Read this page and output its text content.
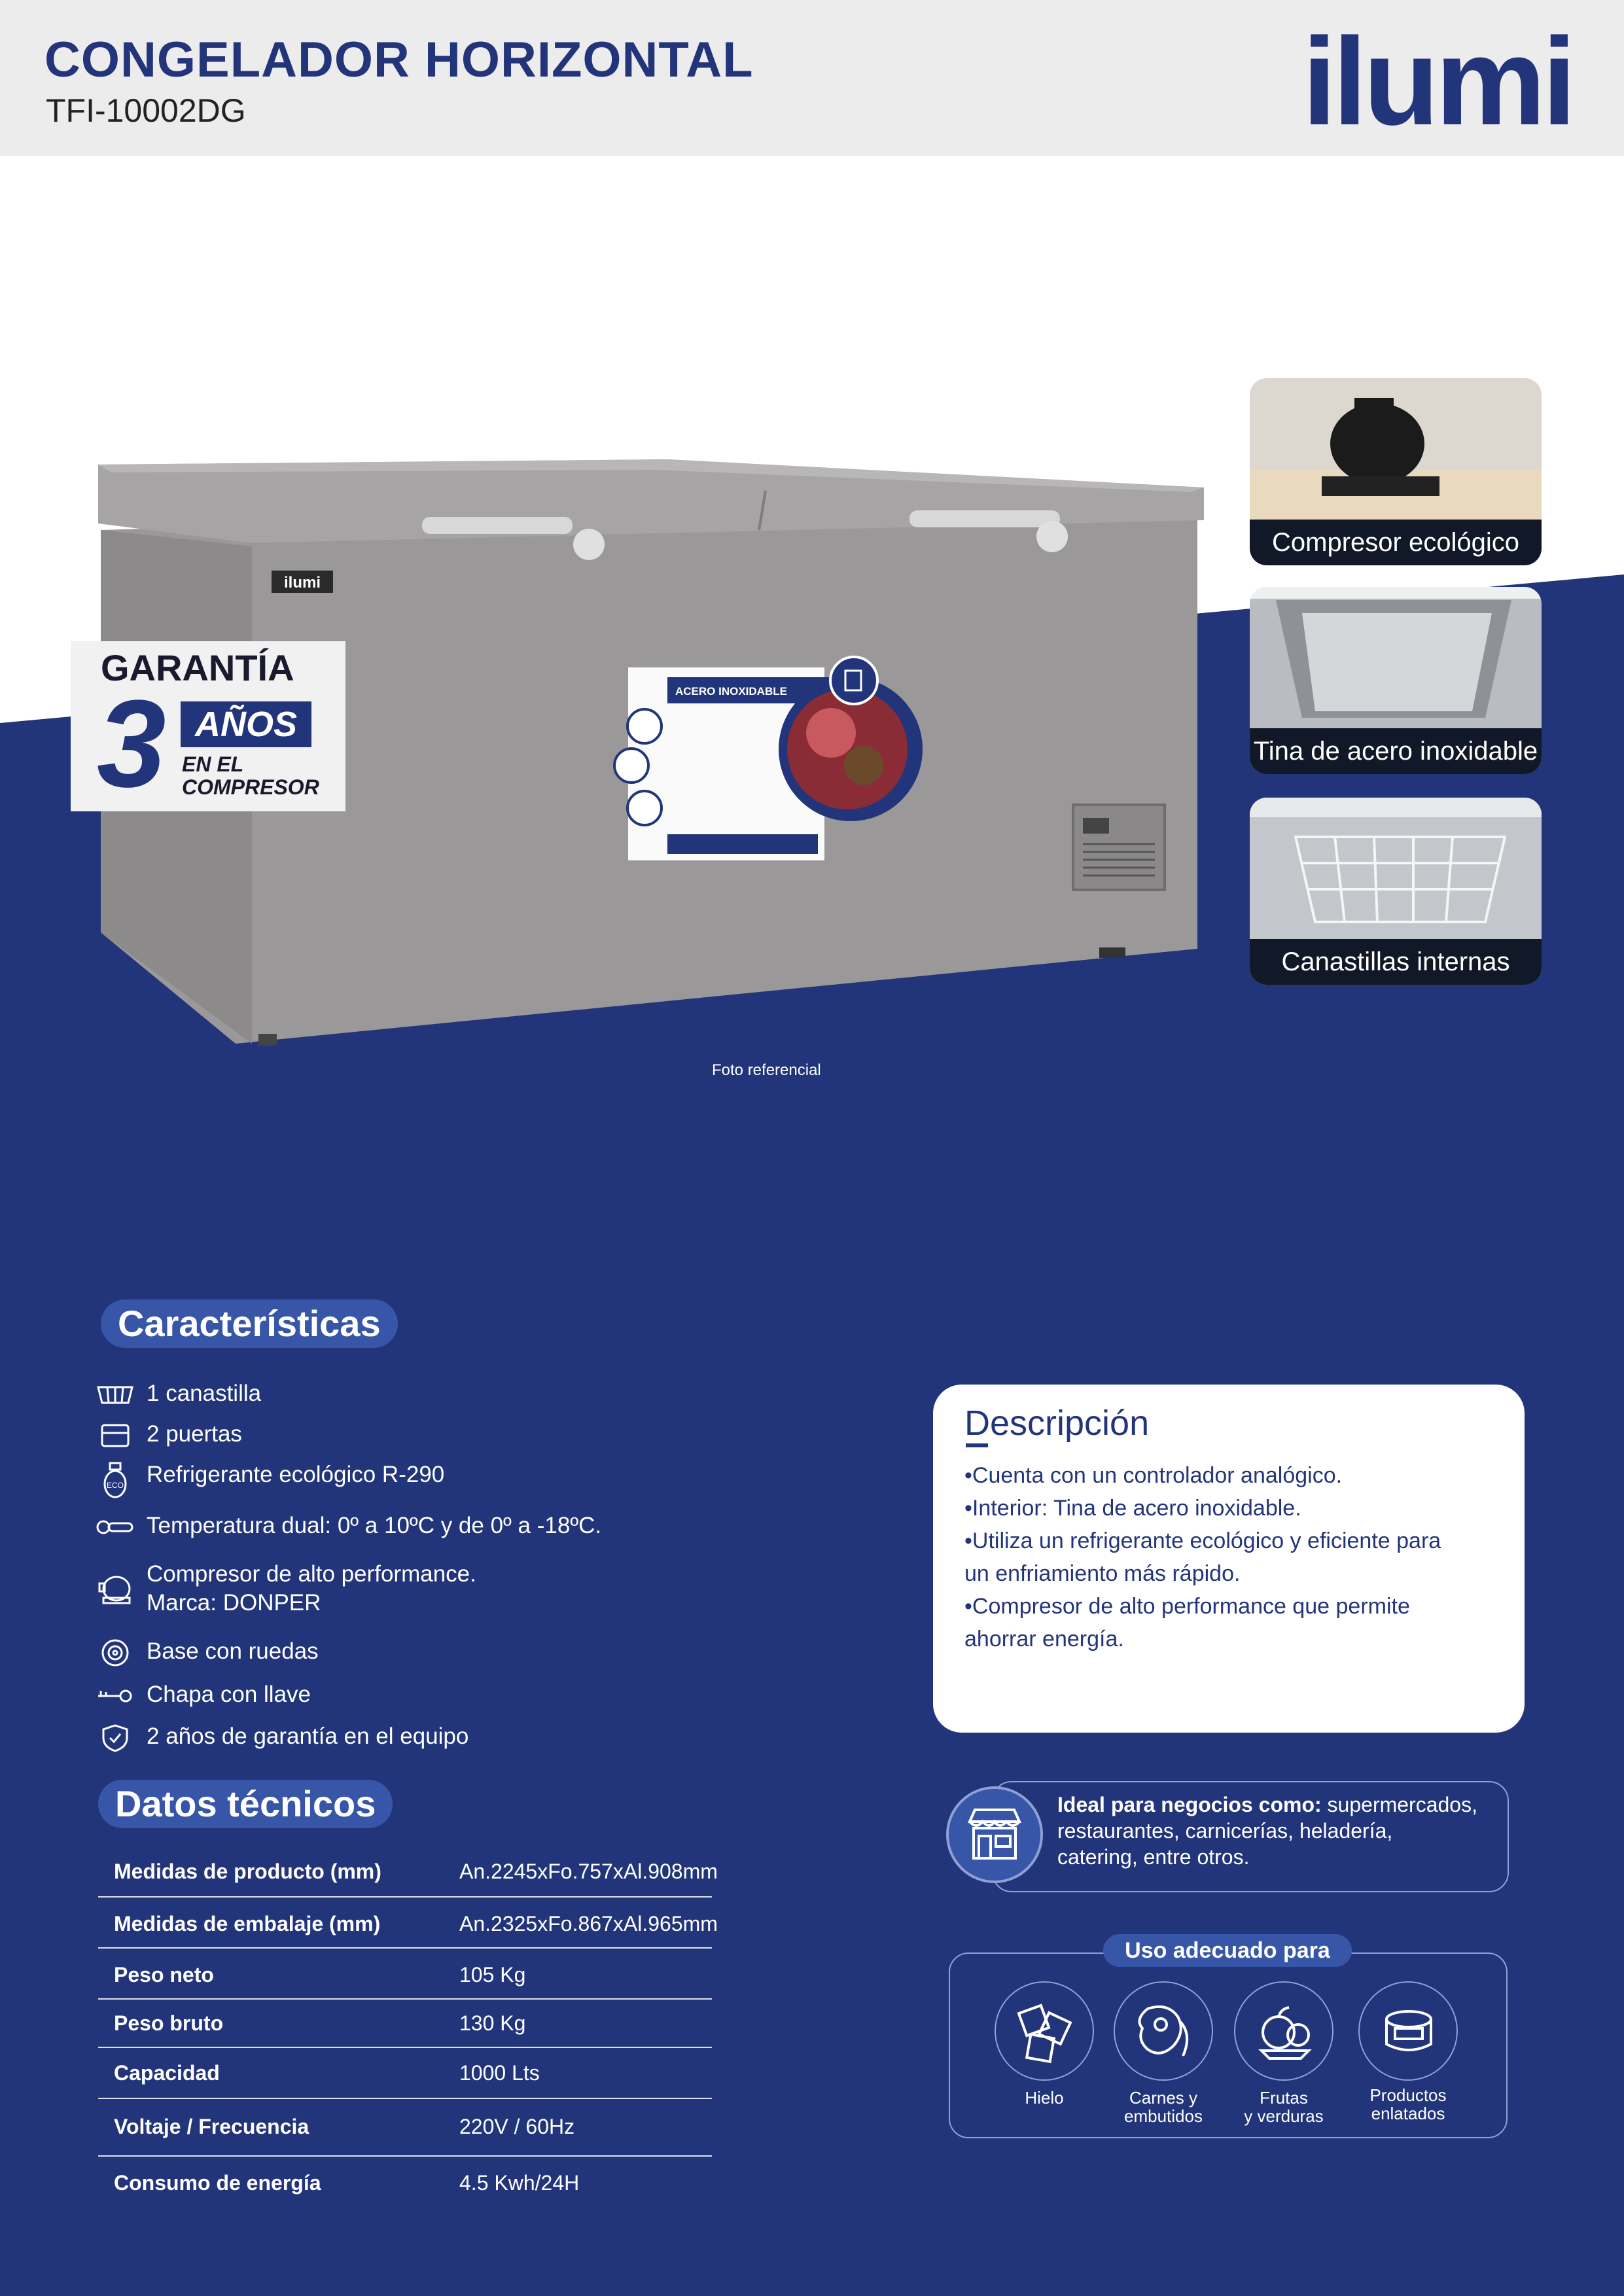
CONGELADOR HORIZONTAL
TFI-10002DG	ilumi
ilumi
ACERO INOXIDABLE
GARANTÍA
3 AÑOS
EN EL
COMPRESOR
Foto referencial
Compresor ecológico
Tina de acero inoxidable
Canastillas internas
Características
1 canastilla
2 puertas
ECO Refrigerante ecológico R-290
Temperatura dual: 0º a 10ºC y de 0º a -18ºC.
Compresor de alto performance.
Marca: DONPER
Base con ruedas
Chapa con llave
2 años de garantía en el equipo
Datos técnicos
Medidas de producto (mm)	An.2245xFo.757xAl.908mm
Medidas de embalaje (mm)	An.2325xFo.867xAl.965mm
Peso neto	105 Kg
Peso bruto	130 Kg
Capacidad	1000 Lts
Voltaje / Frecuencia	220V / 60Hz
Consumo de energía	4.5 Kwh/24H
Descripción
•Cuenta con un controlador analógico.
•Interior: Tina de acero inoxidable.
•Utiliza un refrigerante ecológico y eficiente para
un enfriamiento más rápido.
•Compresor de alto performance que permite
ahorrar energía.
Ideal para negocios como: supermercados,
restaurantes, carnicerías, heladería,
catering, entre otros.
Uso adecuado para
Hielo	Carnes y
embutidos
Frutas
y verduras
Productos
enlatados
